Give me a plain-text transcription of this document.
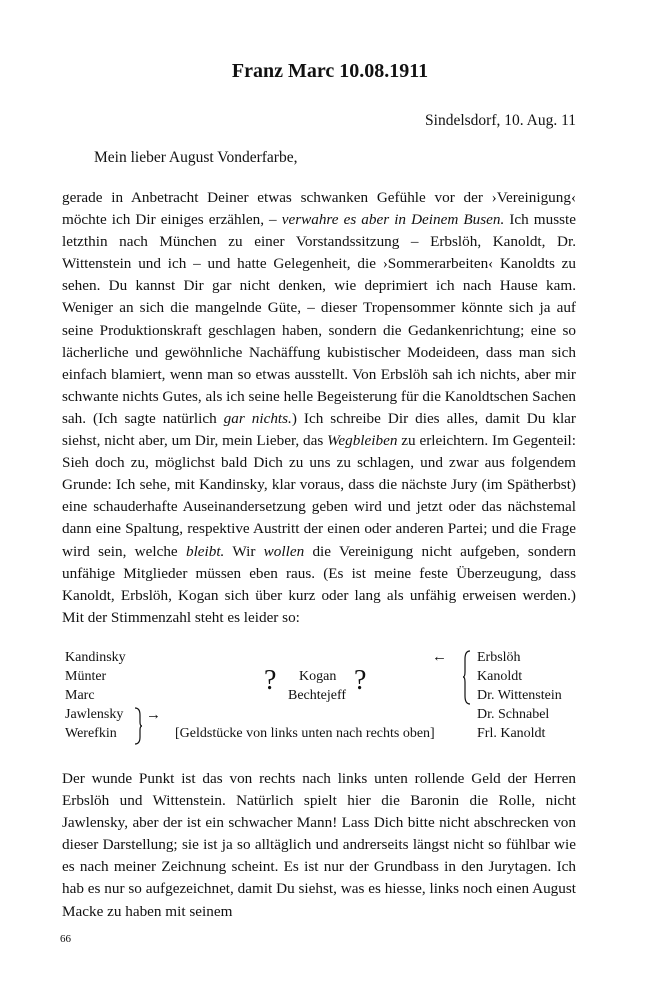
Franz Marc 10.08.1911
Sindelsdorf, 10. Aug. 11
Mein lieber August Vonderfarbe,
gerade in Anbetracht Deiner etwas schwanken Gefühle vor der ›Vereinigung‹ möchte ich Dir einiges erzählen, – verwahre es aber in Deinem Busen. Ich musste letzthin nach München zu einer Vorstandssitzung – Erbslöh, Kanoldt, Dr. Wittenstein und ich – und hatte Gelegenheit, die ›Sommerarbeiten‹ Kanoldts zu sehen. Du kannst Dir gar nicht denken, wie deprimiert ich nach Hause kam. Weniger an sich die mangelnde Güte, – dieser Tropensommer könnte sich ja auf seine Produktionskraft geschlagen haben, sondern die Gedankenrichtung; eine so lächerliche und gewöhnliche Nachäffung kubistischer Modeideen, dass man sich einfach blamiert, wenn man so etwas ausstellt. Von Erbslöh sah ich nichts, aber mir schwante nichts Gutes, als ich seine helle Begeisterung für die Kanoldtschen Sachen sah. (Ich sagte natürlich gar nichts.) Ich schreibe Dir dies alles, damit Du klar siehst, nicht aber, um Dir, mein Lieber, das Wegbleiben zu erleichtern. Im Gegenteil: Sieh doch zu, möglichst bald Dich zu uns zu schlagen, und zwar aus folgendem Grunde: Ich sehe, mit Kandinsky, klar voraus, dass die nächste Jury (im Spätherbst) eine schauderhafte Auseinandersetzung geben wird und jetzt oder das nächstemal dann eine Spaltung, respektive Austritt der einen oder anderen Partei; und die Frage wird sein, welche bleibt. Wir wollen die Vereinigung nicht aufgeben, sondern unfähige Mitglieder müssen eben raus. (Es ist meine feste Überzeugung, dass Kanoldt, Erbslöh, Kogan sich über kurz oder lang als unfähig erweisen werden.) Mit der Stimmenzahl steht es leider so:
Kandinsky
Münter
Marc
Jawlensky
Werefkin
→
? Kogan
Bechtejeff ?
[Geldstücke von links unten nach rechts oben]
← Erbslöh
Kanoldt
Dr. Wittenstein
Dr. Schnabel
Frl. Kanoldt
Der wunde Punkt ist das von rechts nach links unten rollende Geld der Herren Erbslöh und Wittenstein. Natürlich spielt hier die Baronin die Rolle, nicht Jawlensky, aber der ist ein schwacher Mann! Lass Dich bitte nicht abschrecken von dieser Darstellung; sie ist ja so alltäglich und andrerseits längst nicht so fühlbar wie es nach meiner Zeichnung scheint. Es ist nur der Grundbass in den Jurytagen. Ich hab es nur so aufgezeichnet, damit Du siehst, was es hiesse, links noch einen August Macke zu haben mit seinem
66
